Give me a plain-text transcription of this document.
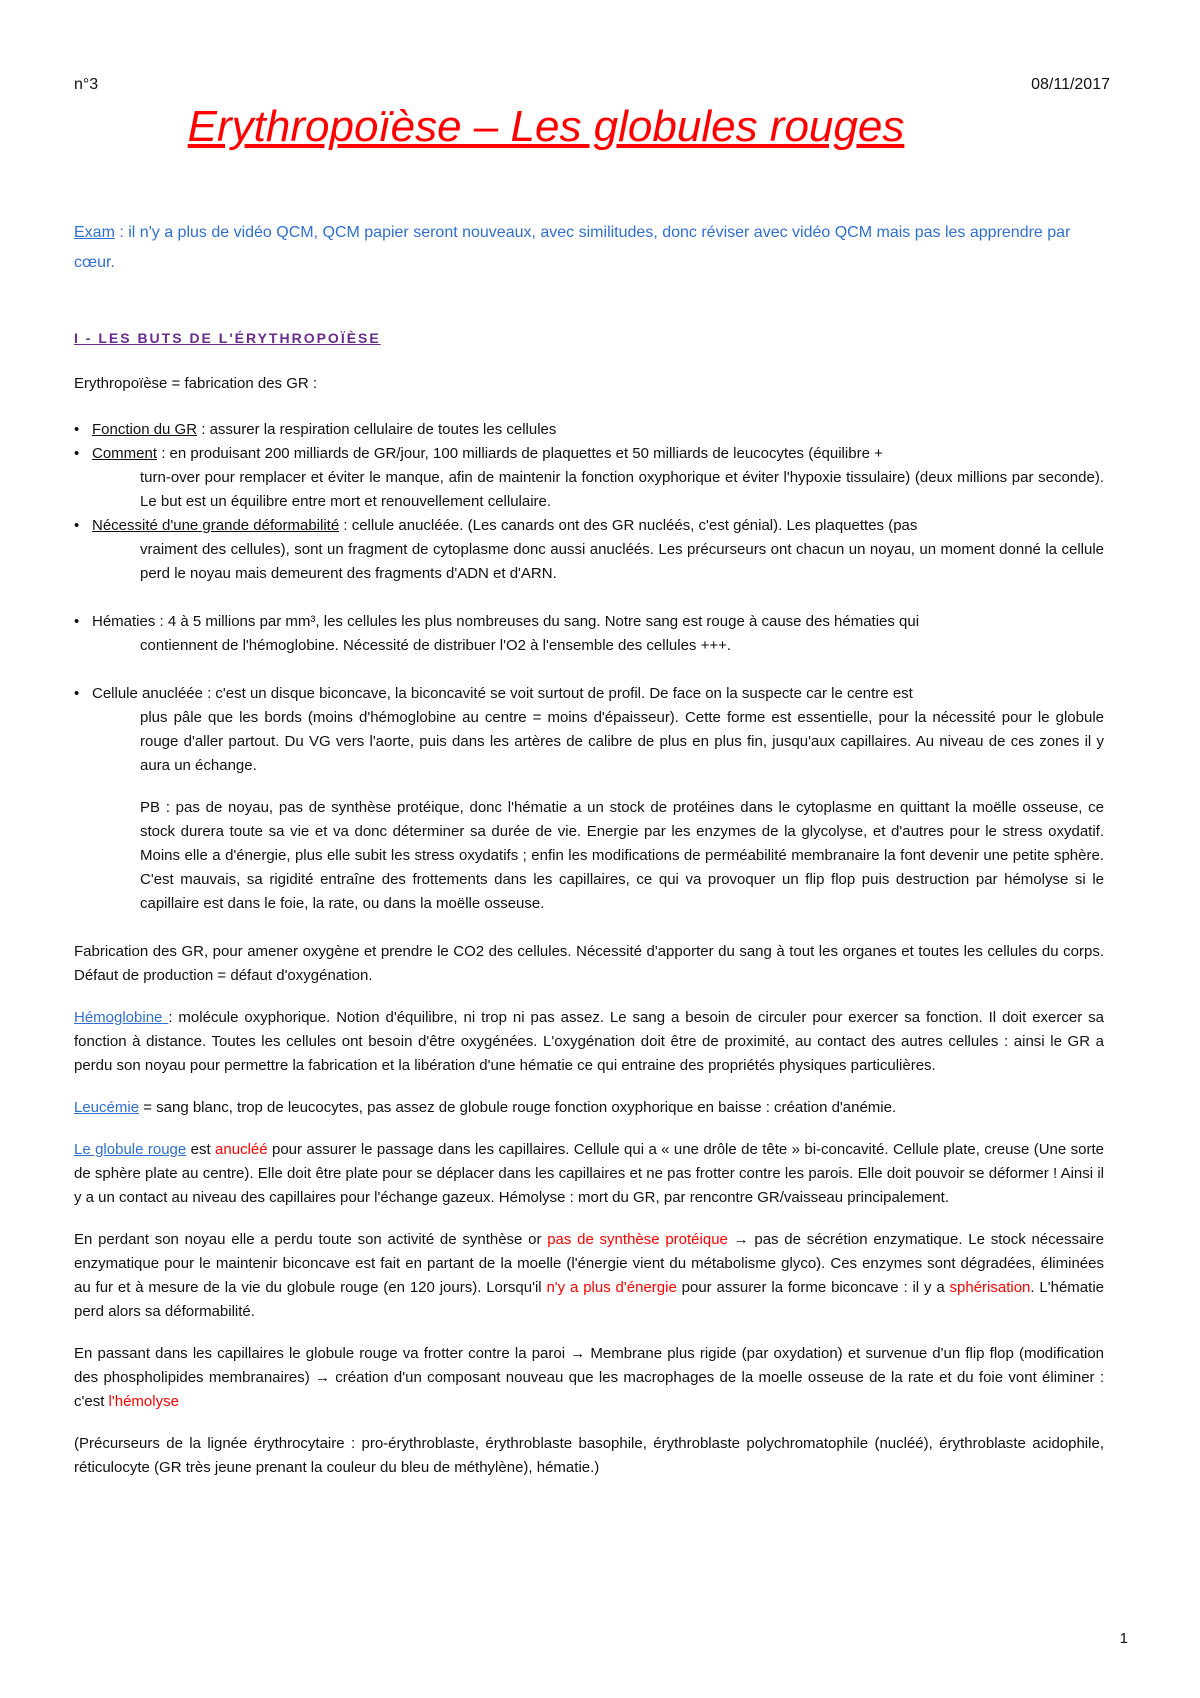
n°3	08/11/2017
Erythropoïèse – Les globules rouges

Exam : il n'y a plus de vidéo QCM, QCM papier seront nouveaux, avec similitudes, donc réviser avec vidéo QCM mais pas les apprendre par cœur.

I - LES BUTS DE L'ÉRYTHROPOÏÈSE

Erythropoïèse = fabrication des GR :

• Fonction du GR : assurer la respiration cellulaire de toutes les cellules
• Comment : en produisant 200 milliards de GR/jour, 100 milliards de plaquettes et 50 milliards de leucocytes (équilibre +
turn-over pour remplacer et éviter le manque, afin de maintenir la fonction oxyphorique et éviter l'hypoxie tissulaire) (deux millions par seconde). Le but est un équilibre entre mort et renouvellement cellulaire.
• Nécessité d'une grande déformabilité : cellule anucléée. (Les canards ont des GR nucléés, c'est génial). Les plaquettes (pas
vraiment des cellules), sont un fragment de cytoplasme donc aussi anucléés. Les précurseurs ont chacun un noyau, un moment donné la cellule perd le noyau mais demeurent des fragments d'ADN et d'ARN.
• Hématies : 4 à 5 millions par mm³, les cellules les plus nombreuses du sang. Notre sang est rouge à cause des hématies qui
contiennent de l'hémoglobine. Nécessité de distribuer l'O2 à l'ensemble des cellules +++.
• Cellule anucléée : c'est un disque biconcave, la biconcavité se voit surtout de profil. De face on la suspecte car le centre est
plus pâle que les bords (moins d'hémoglobine au centre = moins d'épaisseur). Cette forme est essentielle, pour la nécessité pour le globule rouge d'aller partout. Du VG vers l'aorte, puis dans les artères de calibre de plus en plus fin, jusqu'aux capillaires. Au niveau de ces zones il y aura un échange.

PB : pas de noyau, pas de synthèse protéique, donc l'hématie a un stock de protéines dans le cytoplasme en quittant la moëlle osseuse, ce stock durera toute sa vie et va donc déterminer sa durée de vie. Energie par les enzymes de la glycolyse, et d'autres pour le stress oxydatif. Moins elle a d'énergie, plus elle subit les stress oxydatifs ; enfin les modifications de perméabilité membranaire la font devenir une petite sphère. C'est mauvais, sa rigidité entraîne des frottements dans les capillaires, ce qui va provoquer un flip flop puis destruction par hémolyse si le capillaire est dans le foie, la rate, ou dans la moëlle osseuse.

Fabrication des GR, pour amener oxygène et prendre le CO2 des cellules. Nécessité d'apporter du sang à tout les organes et toutes les cellules du corps. Défaut de production = défaut d'oxygénation.

Hémoglobine : molécule oxyphorique. Notion d'équilibre, ni trop ni pas assez. Le sang a besoin de circuler pour exercer sa fonction. Il doit exercer sa fonction à distance. Toutes les cellules ont besoin d'être oxygénées. L'oxygénation doit être de proximité, au contact des autres cellules : ainsi le GR a perdu son noyau pour permettre la fabrication et la libération d'une hématie ce qui entraine des propriétés physiques particulières.

Leucémie = sang blanc, trop de leucocytes, pas assez de globule rouge fonction oxyphorique en baisse : création d'anémie.

Le globule rouge est anucléé pour assurer le passage dans les capillaires. Cellule qui a « une drôle de tête » bi-concavité. Cellule plate, creuse (Une sorte de sphère plate au centre). Elle doit être plate pour se déplacer dans les capillaires et ne pas frotter contre les parois. Elle doit pouvoir se déformer ! Ainsi il y a un contact au niveau des capillaires pour l'échange gazeux. Hémolyse : mort du GR, par rencontre GR/vaisseau principalement.

En perdant son noyau elle a perdu toute son activité de synthèse or pas de synthèse protéique → pas de sécrétion enzymatique. Le stock nécessaire enzymatique pour le maintenir biconcave est fait en partant de la moelle (l'énergie vient du métabolisme glyco). Ces enzymes sont dégradées, éliminées au fur et à mesure de la vie du globule rouge (en 120 jours). Lorsqu'il n'y a plus d'énergie pour assurer la forme biconcave : il y a sphérisation. L'hématie perd alors sa déformabilité.

En passant dans les capillaires le globule rouge va frotter contre la paroi → Membrane plus rigide (par oxydation) et survenue d'un flip flop (modification des phospholipides membranaires) → création d'un composant nouveau que les macrophages de la moelle osseuse de la rate et du foie vont éliminer : c'est l'hémolyse

(Précurseurs de la lignée érythrocytaire : pro-érythroblaste, érythroblaste basophile, érythroblaste polychromatophile (nucléé), érythroblaste acidophile, réticulocyte (GR très jeune prenant la couleur du bleu de méthylène), hématie.)

1
